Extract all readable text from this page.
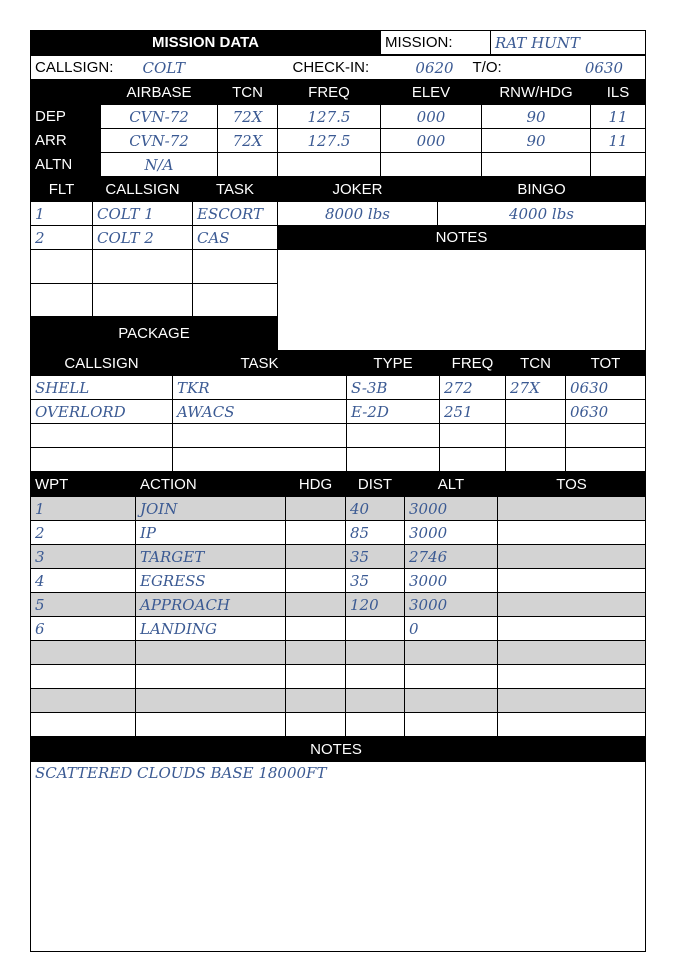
MISSION DATA	MISSION:	RAT HUNT
CALLSIGN:	COLT	CHECK-IN:	0620	T/O:	0630
	AIRBASE	TCN	FREQ	ELEV	RNW/HDG	ILS
DEP	CVN-72	72X	127.5	000	90	11
ARR	CVN-72	72X	127.5	000	90	11
ALTN	N/A					
FLT	CALLSIGN	TASK	JOKER	BINGO
1	COLT 1	ESCORT	8000 lbs	4000 lbs
2	COLT 2	CAS	NOTES	

PACKAGE				
CALLSIGN	TASK	TYPE	FREQ	TCN	TOT
SHELL	TKR	S-3B	272	27X	0630
OVERLORD	AWACS	E-2D	251		0630

WPT	ACTION	HDG	DIST	ALT	TOS
1	JOIN		40	3000	
2	IP		85	3000	
3	TARGET		35	2746	
4	EGRESS		35	3000	
5	APPROACH		120	3000	
6	LANDING			0	

NOTES	
SCATTERED CLOUDS BASE 18000FT
